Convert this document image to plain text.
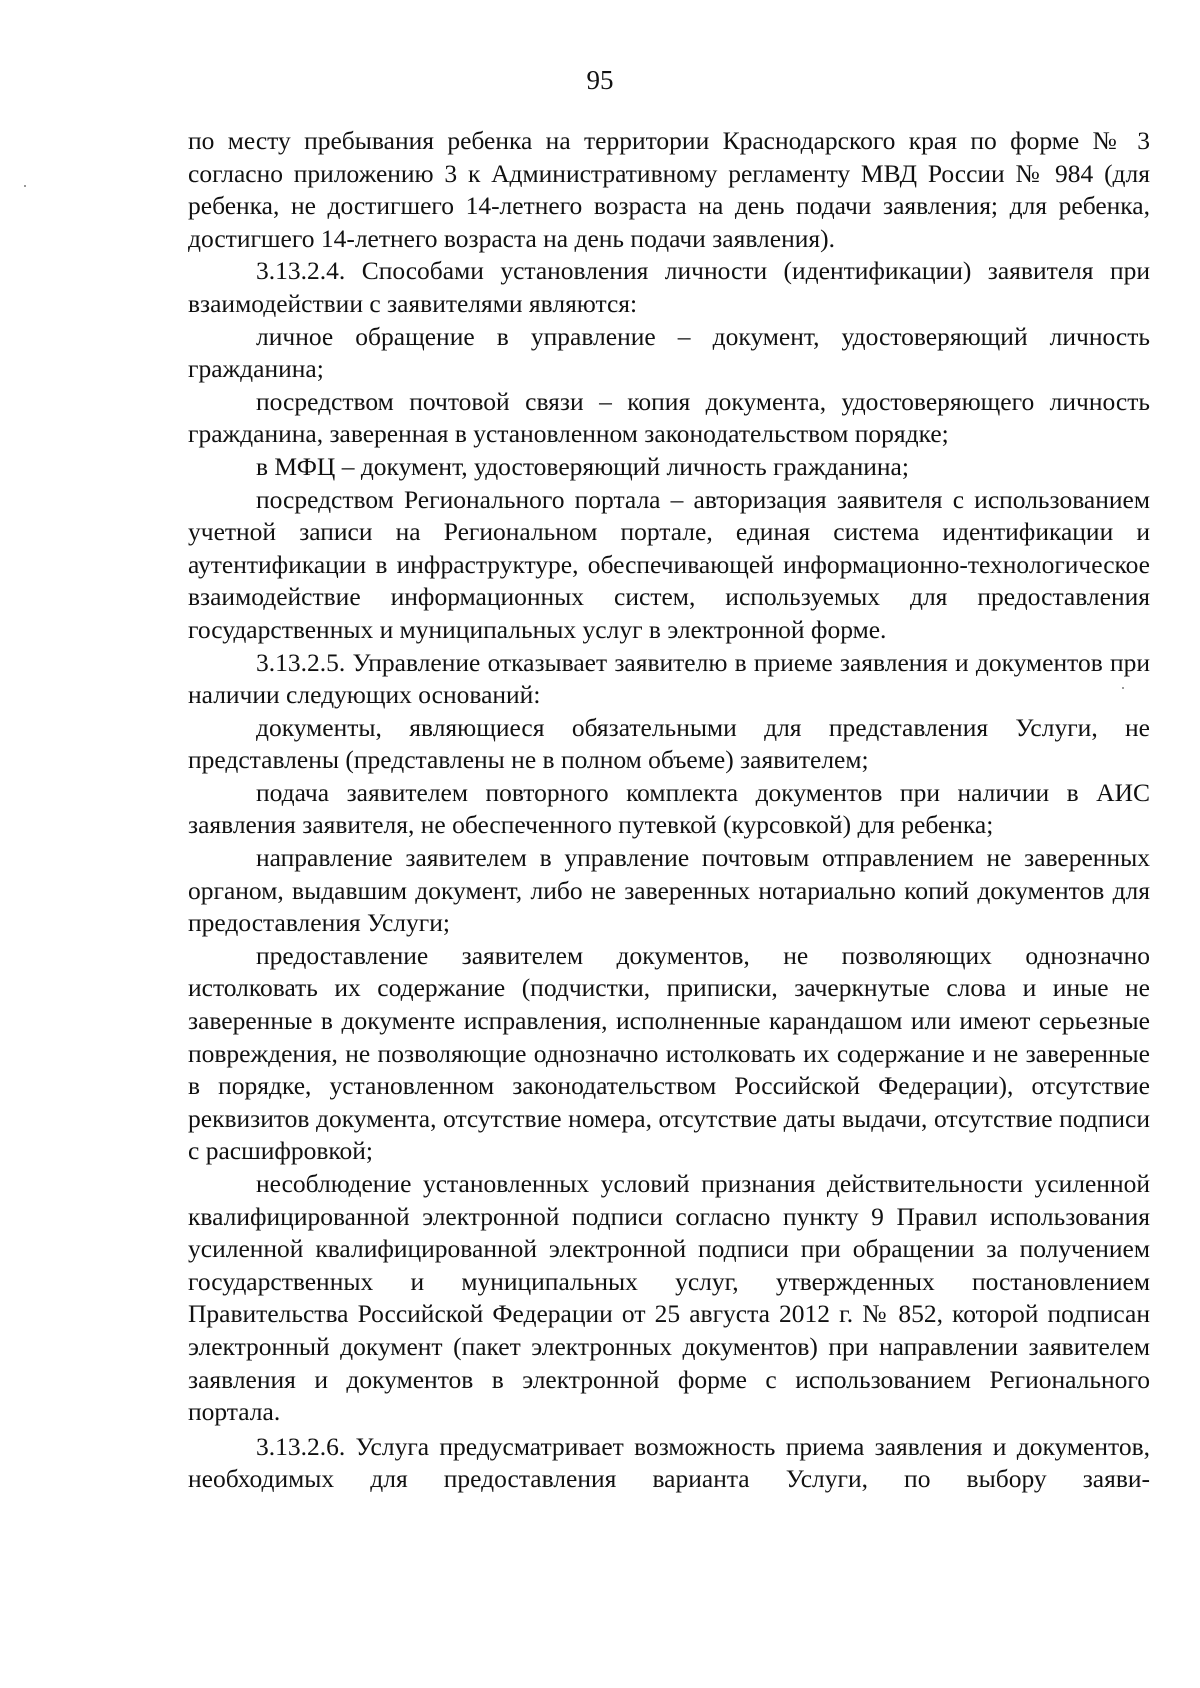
95

по месту пребывания ребенка на территории Краснодарского края по форме № 3 согласно приложению 3 к Административному регламенту МВД России № 984 (для ребенка, не достигшего 14-летнего возраста на день подачи заявления; для ребенка, достигшего 14-летнего возраста на день подачи заявления).

3.13.2.4. Способами установления личности (идентификации) заявителя при взаимодействии с заявителями являются:

личное обращение в управление – документ, удостоверяющий личность гражданина;

посредством почтовой связи – копия документа, удостоверяющего личность гражданина, заверенная в установленном законодательством порядке;

в МФЦ – документ, удостоверяющий личность гражданина;

посредством Регионального портала – авторизация заявителя с использованием учетной записи на Региональном портале, единая система идентификации и аутентификации в инфраструктуре, обеспечивающей информационно-технологическое взаимодействие информационных систем, используемых для предоставления государственных и муниципальных услуг в электронной форме.

3.13.2.5. Управление отказывает заявителю в приеме заявления и документов при наличии следующих оснований:

документы, являющиеся обязательными для представления Услуги, не представлены (представлены не в полном объеме) заявителем;

подача заявителем повторного комплекта документов при наличии в АИС заявления заявителя, не обеспеченного путевкой (курсовкой) для ребенка;

направление заявителем в управление почтовым отправлением не заверенных органом, выдавшим документ, либо не заверенных нотариально копий документов для предоставления Услуги;

предоставление заявителем документов, не позволяющих однозначно истолковать их содержание (подчистки, приписки, зачеркнутые слова и иные не заверенные в документе исправления, исполненные карандашом или имеют серьезные повреждения, не позволяющие однозначно истолковать их содержание и не заверенные в порядке, установленном законодательством Российской Федерации), отсутствие реквизитов документа, отсутствие номера, отсутствие даты выдачи, отсутствие подписи с расшифровкой;

несоблюдение установленных условий признания действительности усиленной квалифицированной электронной подписи согласно пункту 9 Правил использования усиленной квалифицированной электронной подписи при обращении за получением государственных и муниципальных услуг, утвержденных постановлением Правительства Российской Федерации от 25 августа 2012 г. № 852, которой подписан электронный документ (пакет электронных документов) при направлении заявителем заявления и документов в электронной форме с использованием Регионального портала.

3.13.2.6. Услуга предусматривает возможность приема заявления и документов, необходимых для предоставления варианта Услуги, по выбору заяви-
